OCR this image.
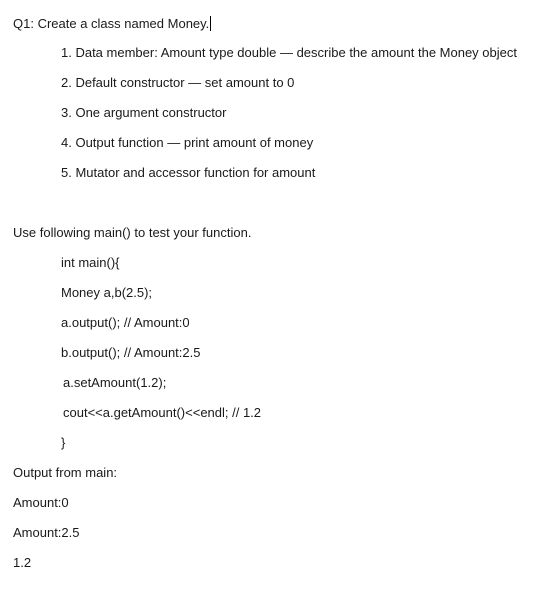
Q1: Create a class named Money.
1. Data member: Amount type double — describe the amount the Money object
2. Default constructor — set amount to 0
3. One argument constructor
4. Output function — print amount of money
5. Mutator and accessor function for amount
Use following main() to test your function.
int main(){
Money a,b(2.5);
a.output(); // Amount:0
b.output(); // Amount:2.5
a.setAmount(1.2);
cout<<a.getAmount()<<endl; // 1.2
}
Output from main:
Amount:0
Amount:2.5
1.2
